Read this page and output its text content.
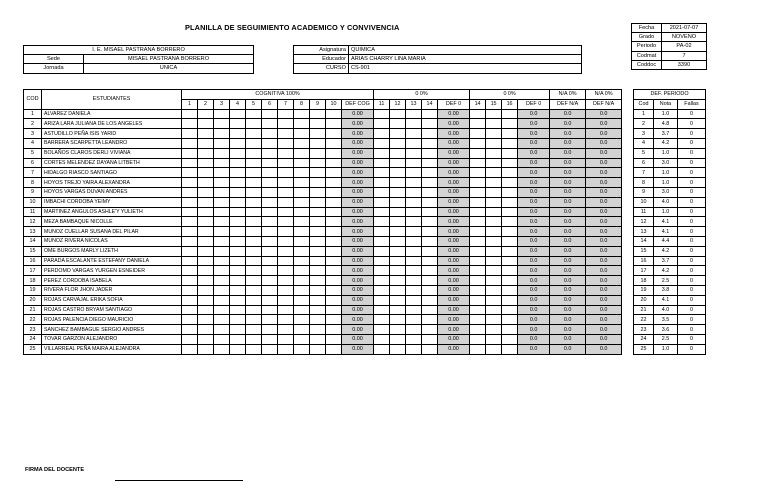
PLANILLA DE SEGUIMIENTO ACADEMICO Y CONVIVENCIA
I. E. MISAEL PASTRANA BORRERO				Asignatura	QUIMICA
Sede	MISAEL PASTRANA BORRERO			Educador	ARIAS CHARRY LINA MARIA
Jornada	UNICA			CURSO	CS-901
Fecha	2021-07-07
Grado	NOVENO
Periodo	PA-02
Codmat	7
Coddoc	3390
COD	ESTUDIANTES	COGNITIVA 100%											0 0%					0 0%				N/A 0%	N/A 0%
		1	2	3	4	5	6	7	8	9	10	DEF COG	11	12	13	14	DEF 0	14	15	16	DEF 0	DEF N/A	DEF N/A
1	ALVAREZ DANIELA											0.00					0.00				0.0	0.0	0.0
2	ARIZA LARA JULIANA DE LOS ANGELES											0.00					0.00				0.0	0.0	0.0
3	ASTUDILLO PEÑA ISIS YARID											0.00					0.00				0.0	0.0	0.0
4	BARRERA SCARPETTA LEANDRO											0.00					0.00				0.0	0.0	0.0
5	BOLAÑOS CLAROS DERLI VIVIANA											0.00					0.00				0.0	0.0	0.0
6	CORTES MELENDEZ DAYANA LITBETH											0.00					0.00				0.0	0.0	0.0
7	HIDALGO RIASCO SANTIAGO											0.00					0.00				0.0	0.0	0.0
8	HOYOS TREJO YAIRA ALEXANDRA											0.00					0.00				0.0	0.0	0.0
9	HOYOS VARGAS DUVAN ANDRES											0.00					0.00				0.0	0.0	0.0
10	IMBACHI CORDOBA YEIMY											0.00					0.00				0.0	0.0	0.0
11	MARTINEZ ANGULOS ASHLE'Y YULIETH											0.00					0.00				0.0	0.0	0.0
12	MEZA BAMBAQUE NICOLLE											0.00					0.00				0.0	0.0	0.0
13	MUNOZ CUELLAR SUSANA DEL PILAR											0.00					0.00				0.0	0.0	0.0
14	MUNOZ RIVERA NICOLAS											0.00					0.00				0.0	0.0	0.0
15	OME BURGOS MARLY LIZETH											0.00					0.00				0.0	0.0	0.0
16	PARADA ESCALANTE ESTEFANY DANIELA											0.00					0.00				0.0	0.0	0.0
17	PERDOMO VARGAS YURGEN ESNEIDER											0.00					0.00				0.0	0.0	0.0
18	PEREZ CORDOBA ISABELA											0.00					0.00				0.0	0.0	0.0
19	RIVERA FLOR JHON JADER											0.00					0.00				0.0	0.0	0.0
20	ROJAS CARVAJAL ERIKA SOFIA											0.00					0.00				0.0	0.0	0.0
21	ROJAS CASTRO BRYAM SANTIAGO											0.00					0.00				0.0	0.0	0.0
22	ROJAS PALENCIA DIEGO MAURICIO											0.00					0.00				0.0	0.0	0.0
23	SANCHEZ BAMBAGUE SERGIO ANDRES											0.00					0.00				0.0	0.0	0.0
24	TOVAR GARZON ALEJANDRO											0.00					0.00				0.0	0.0	0.0
25	VILLARREAL PEÑA MAIRA ALEJANDRA											0.00					0.00				0.0	0.0	0.0
DEF. PERIODO		
Cod	Nota	Fallas
1	1.0	0
2	4.8	0
3	3.7	0
4	4.2	0
5	1.0	0
6	3.0	0
7	1.0	0
8	1.0	0
9	3.0	0
10	4.0	0
11	1.0	0
12	4.1	0
13	4.1	0
14	4.4	0
15	4.2	0
16	3.7	0
17	4.2	0
18	2.5	0
19	3.8	0
20	4.1	0
21	4.0	0
22	3.5	0
23	3.6	0
24	2.5	0
25	1.0	0
FIRMA DEL DOCENTE
